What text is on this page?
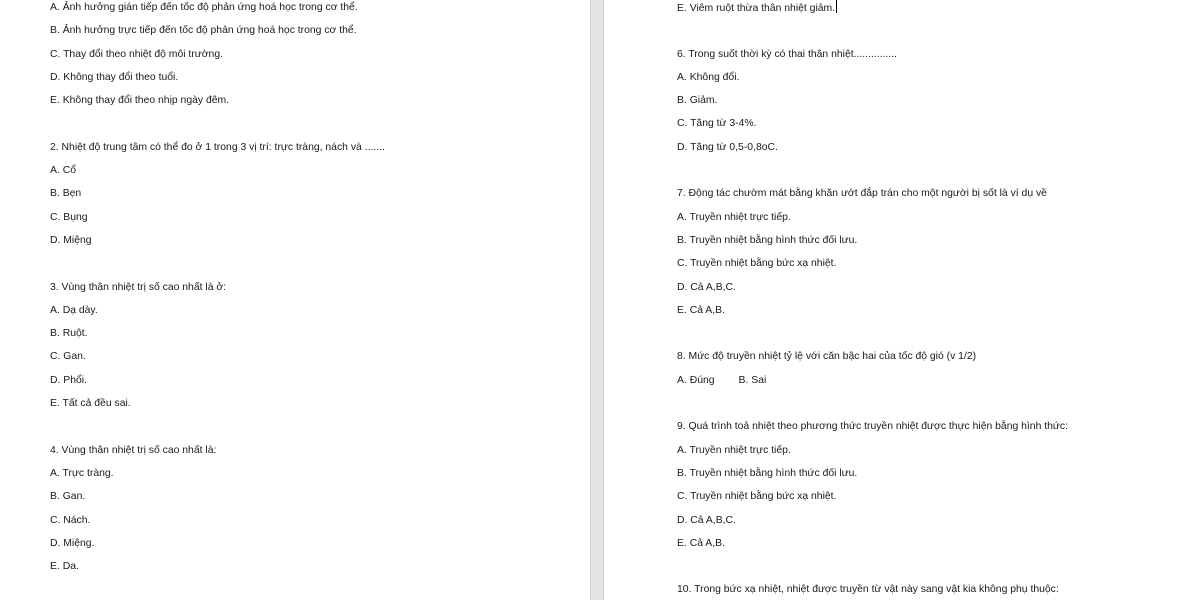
A. Ảnh hưởng gián tiếp đến tốc độ phản ứng hoá học trong cơ thể.
B. Ảnh hưởng trực tiếp đến tốc độ phản ứng hoá học trong cơ thể.
C. Thay đổi theo nhiệt độ môi trường.
D. Không thay đổi theo tuổi.
E. Không thay đổi theo nhịp ngày đêm.
2. Nhiệt độ trung tâm có thể đo ở 1 trong 3 vị trí: trực tràng, nách và .......
A. Cổ
B. Bẹn
C. Bụng
D. Miệng
3. Vùng thân nhiệt trị số cao nhất là ở:
A. Dạ dày.
B. Ruột.
C. Gan.
D. Phổi.
E. Tất cả đều sai.
4. Vùng thân nhiệt trị số cao nhất là:
A. Trực tràng.
B. Gan.
C. Nách.
D. Miệng.
E. Da.
E. Viêm ruột thừa thân nhiệt giảm.
6. Trong suốt thời kỳ có thai thân nhiệt...............
A. Không đổi.
B. Giảm.
C. Tăng từ 3-4%.
D. Tăng từ 0,5-0,8oC.
7. Động tác chườm mát bằng khăn ướt đắp trán cho một người bị sốt là ví dụ về
A. Truyền nhiệt trực tiếp.
B. Truyền nhiệt bằng hình thức đối lưu.
C. Truyền nhiệt bằng bức xạ nhiệt.
D. Cả A,B,C.
E. Cả A,B.
8. Mức độ truyền nhiệt tỷ lệ với căn bậc hai của tốc độ gió (v 1/2)
A. Đúng B. Sai
9. Quá trình toả nhiệt theo phương thức truyền nhiệt được thực hiện bằng hình thức:
A. Truyền nhiệt trực tiếp.
B. Truyền nhiệt bằng hình thức đối lưu.
C. Truyền nhiệt bằng bức xạ nhiệt.
D. Cả A,B,C.
E. Cả A,B.
10. Trong bức xạ nhiệt, nhiệt được truyền từ vật này sang vật kia không phụ thuộc:
